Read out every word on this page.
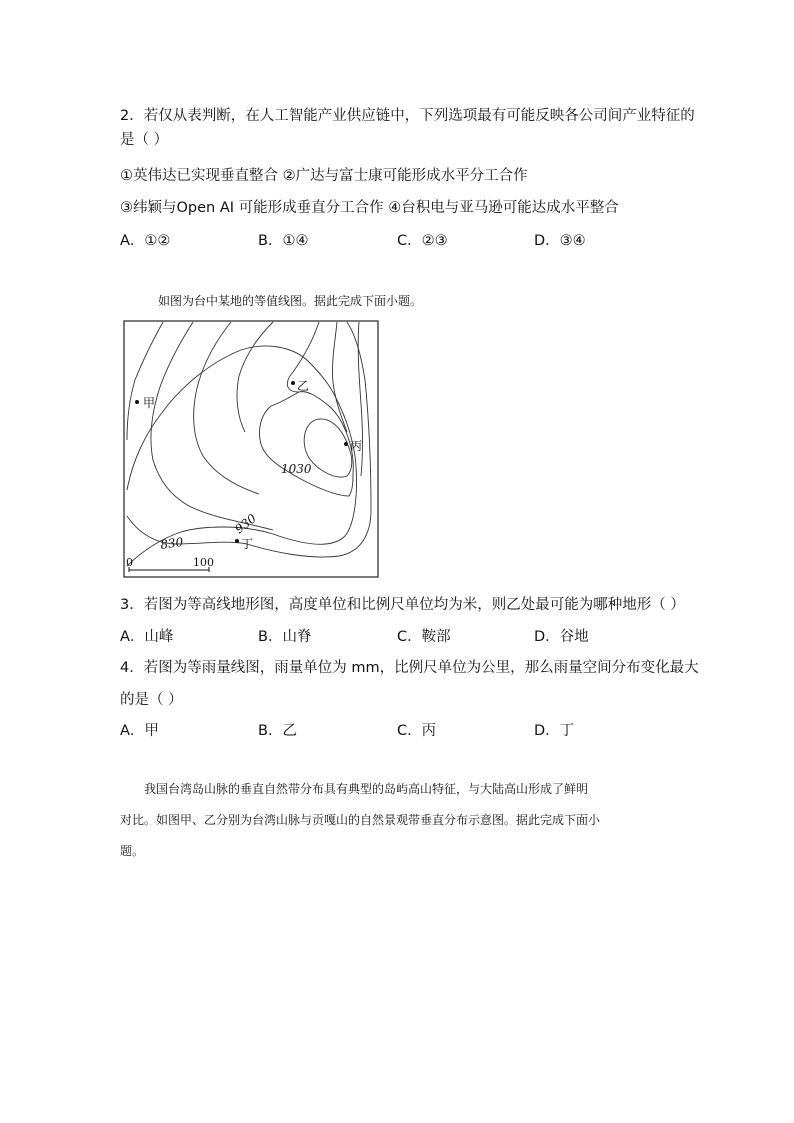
2．若仅从表判断，在人工智能产业供应链中，下列选项最有可能反映各公司间产业特征的
是（ ）
①英伟达已实现垂直整合 ②广达与富士康可能形成水平分工合作
③纬颖与Open AI 可能形成垂直分工合作 ④台积电与亚马逊可能达成水平整合
A．①②	B．①④	C．②③	D．③④
如图为台中某地的等值线图。据此完成下面小题。
甲
乙
丙
丁
1030
930
830
0	100
3．若图为等高线地形图，高度单位和比例尺单位均为米，则乙处最可能为哪种地形（ ）
A．山峰	B．山脊	C．鞍部	D．谷地
4．若图为等雨量线图，雨量单位为 mm，比例尺单位为公里，那么雨量空间分布变化最大
的是（ ）
A．甲	B．乙	C．丙	D．丁
我国台湾岛山脉的垂直自然带分布具有典型的岛屿高山特征，与大陆高山形成了鲜明
对比。如图甲、乙分别为台湾山脉与贡嘎山的自然景观带垂直分布示意图。据此完成下面小
题。
